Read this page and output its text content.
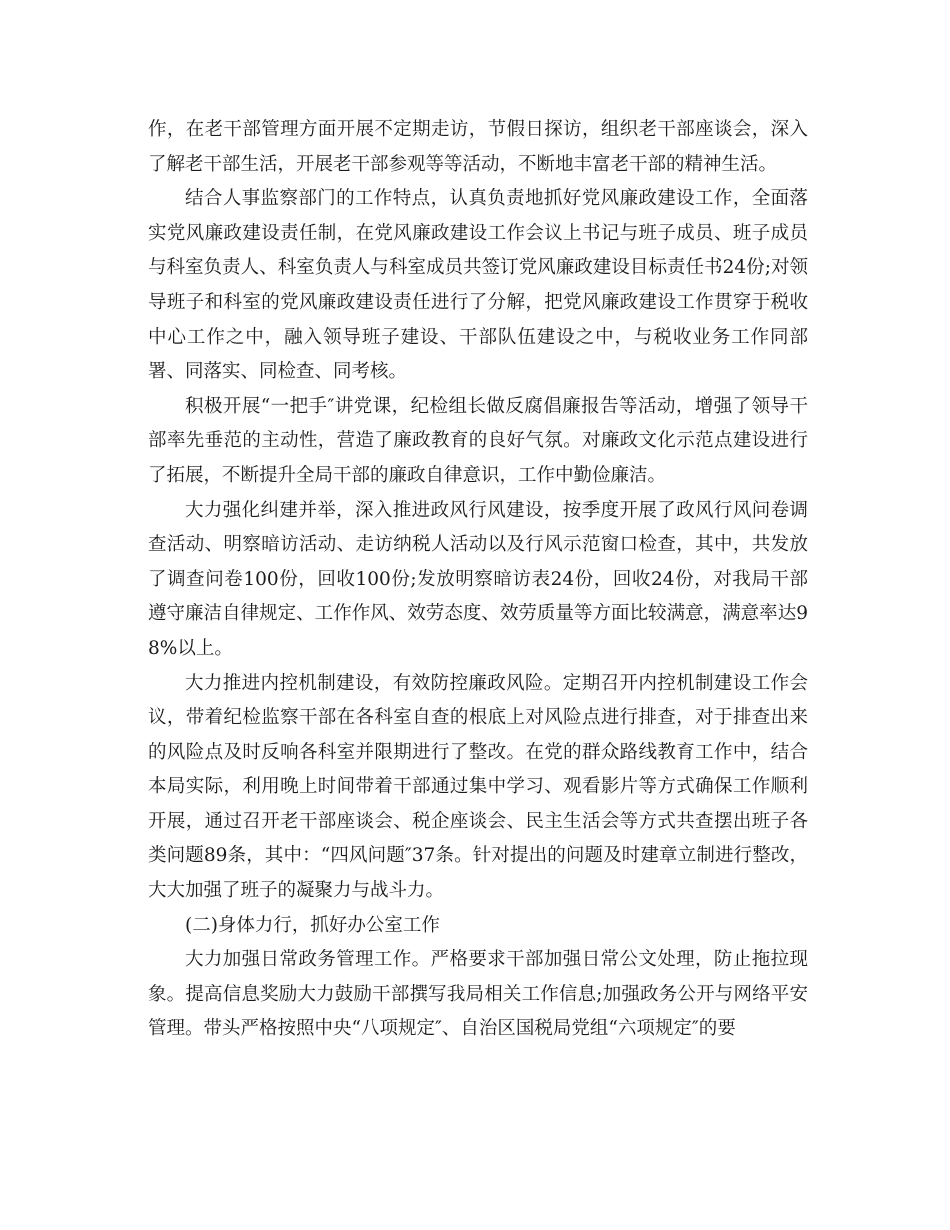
作，在老干部管理方面开展不定期走访，节假日探访，组织老干部座谈会，深入了解老干部生活，开展老干部参观等等活动，不断地丰富老干部的精神生活。

结合人事监察部门的工作特点，认真负责地抓好党风廉政建设工作，全面落实党风廉政建设责任制，在党风廉政建设工作会议上书记与班子成员、班子成员与科室负责人、科室负责人与科室成员共签订党风廉政建设目标责任书24份;对领导班子和科室的党风廉政建设责任进行了分解，把党风廉政建设工作贯穿于税收中心工作之中，融入领导班子建设、干部队伍建设之中，与税收业务工作同部署、同落实、同检查、同考核。

积极开展“一把手″讲党课，纪检组长做反腐倡廉报告等活动，增强了领导干部率先垂范的主动性，营造了廉政教育的良好气氛。对廉政文化示范点建设进行了拓展，不断提升全局干部的廉政自律意识，工作中勤俭廉洁。

大力强化纠建并举，深入推进政风行风建设，按季度开展了政风行风问卷调查活动、明察暗访活动、走访纳税人活动以及行风示范窗口检查，其中，共发放了调查问卷100份，回收100份;发放明察暗访表24份，回收24份，对我局干部遵守廉洁自律规定、工作作风、效劳态度、效劳质量等方面比较满意，满意率达98%以上。

大力推进内控机制建设，有效防控廉政风险。定期召开内控机制建设工作会议，带着纪检监察干部在各科室自查的根底上对风险点进行排查，对于排查出来的风险点及时反响各科室并限期进行了整改。在党的群众路线教育工作中，结合本局实际，利用晚上时间带着干部通过集中学习、观看影片等方式确保工作顺利开展，通过召开老干部座谈会、税企座谈会、民主生活会等方式共查摆出班子各类问题89条，其中：“四风问题″37条。针对提出的问题及时建章立制进行整改，大大加强了班子的凝聚力与战斗力。

(二)身体力行，抓好办公室工作

大力加强日常政务管理工作。严格要求干部加强日常公文处理，防止拖拉现象。提高信息奖励大力鼓励干部撰写我局相关工作信息;加强政务公开与网络平安管理。带头严格按照中央“八项规定″、自治区国税局党组“六项规定″的要
